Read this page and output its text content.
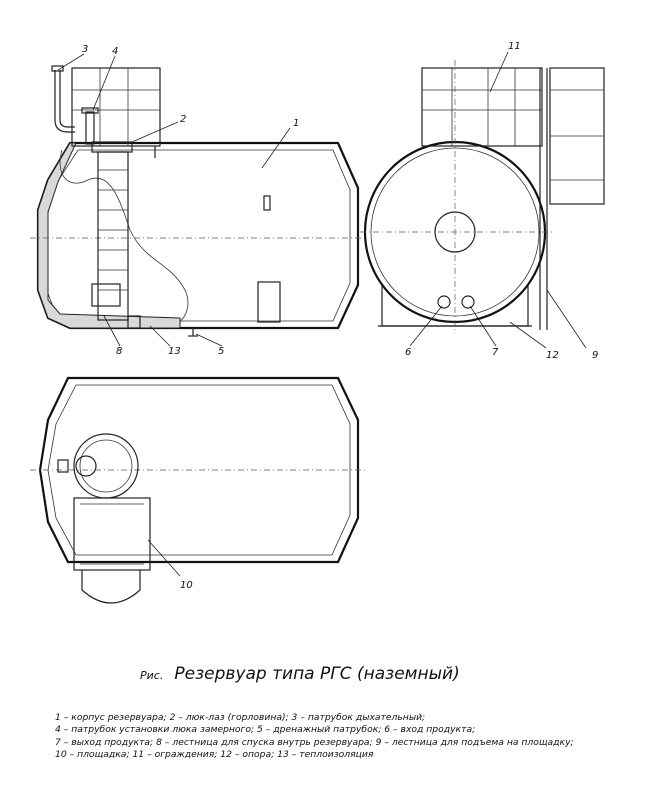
1
2
3 4
5	6	7
8	9
10
11
12
13
Рис. Резервуар типа РГС (наземный)
1 – корпус резервуара; 2 – люк-лаз (горловина); 3 – патрубок дыхательный;
4 – патрубок установки люка замерного; 5 – дренажный патрубок; 6 – вход продукта;
7 – выход продукта; 8 – лестница для спуска внутрь резервуара; 9 – лестница для подъема на площадку;
10 – площадка; 11 – ограждения; 12 – опора; 13 – теплоизоляция
